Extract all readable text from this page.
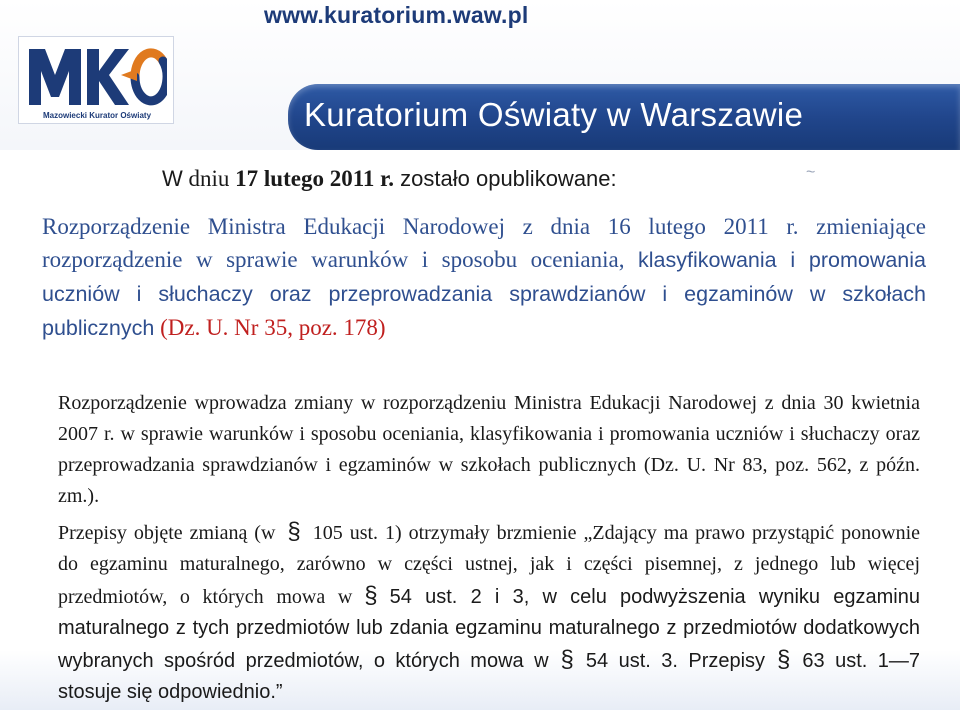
www.kuratorium.waw.pl
Mazowiecki Kurator Oświaty	Kuratorium Oświaty w Warszawie
~
W dniu 17 lutego 2011 r. zostało opublikowane:
Rozporządzenie Ministra Edukacji Narodowej z dnia 16 lutego 2011 r. zmieniające rozporządzenie w sprawie warunków i sposobu oceniania, klasyfikowania i promowania uczniów i słuchaczy oraz przeprowadzania sprawdzianów i egzaminów w szkołach publicznych (Dz. U. Nr 35, poz. 178)
Rozporządzenie wprowadza zmiany w rozporządzeniu Ministra Edukacji Narodowej z dnia 30 kwietnia 2007 r. w sprawie warunków i sposobu oceniania, klasyfikowania i promowania uczniów i słuchaczy oraz przeprowadzania sprawdzianów i egzaminów w szkołach publicznych (Dz. U. Nr 83, poz. 562, z późn. zm.).
Przepisy objęte zmianą (w § 105 ust. 1) otrzymały brzmienie „Zdający ma prawo przystąpić ponownie do egzaminu maturalnego, zarówno w części ustnej, jak i części pisemnej, z jednego lub więcej przedmiotów, o których mowa w § 54 ust. 2 i 3, w celu podwyższenia wyniku egzaminu maturalnego z tych przedmiotów lub zdania egzaminu maturalnego z przedmiotów dodatkowych wybranych spośród przedmiotów, o których mowa w § 54 ust. 3. Przepisy § 63 ust. 1—7 stosuje się odpowiednio.”
